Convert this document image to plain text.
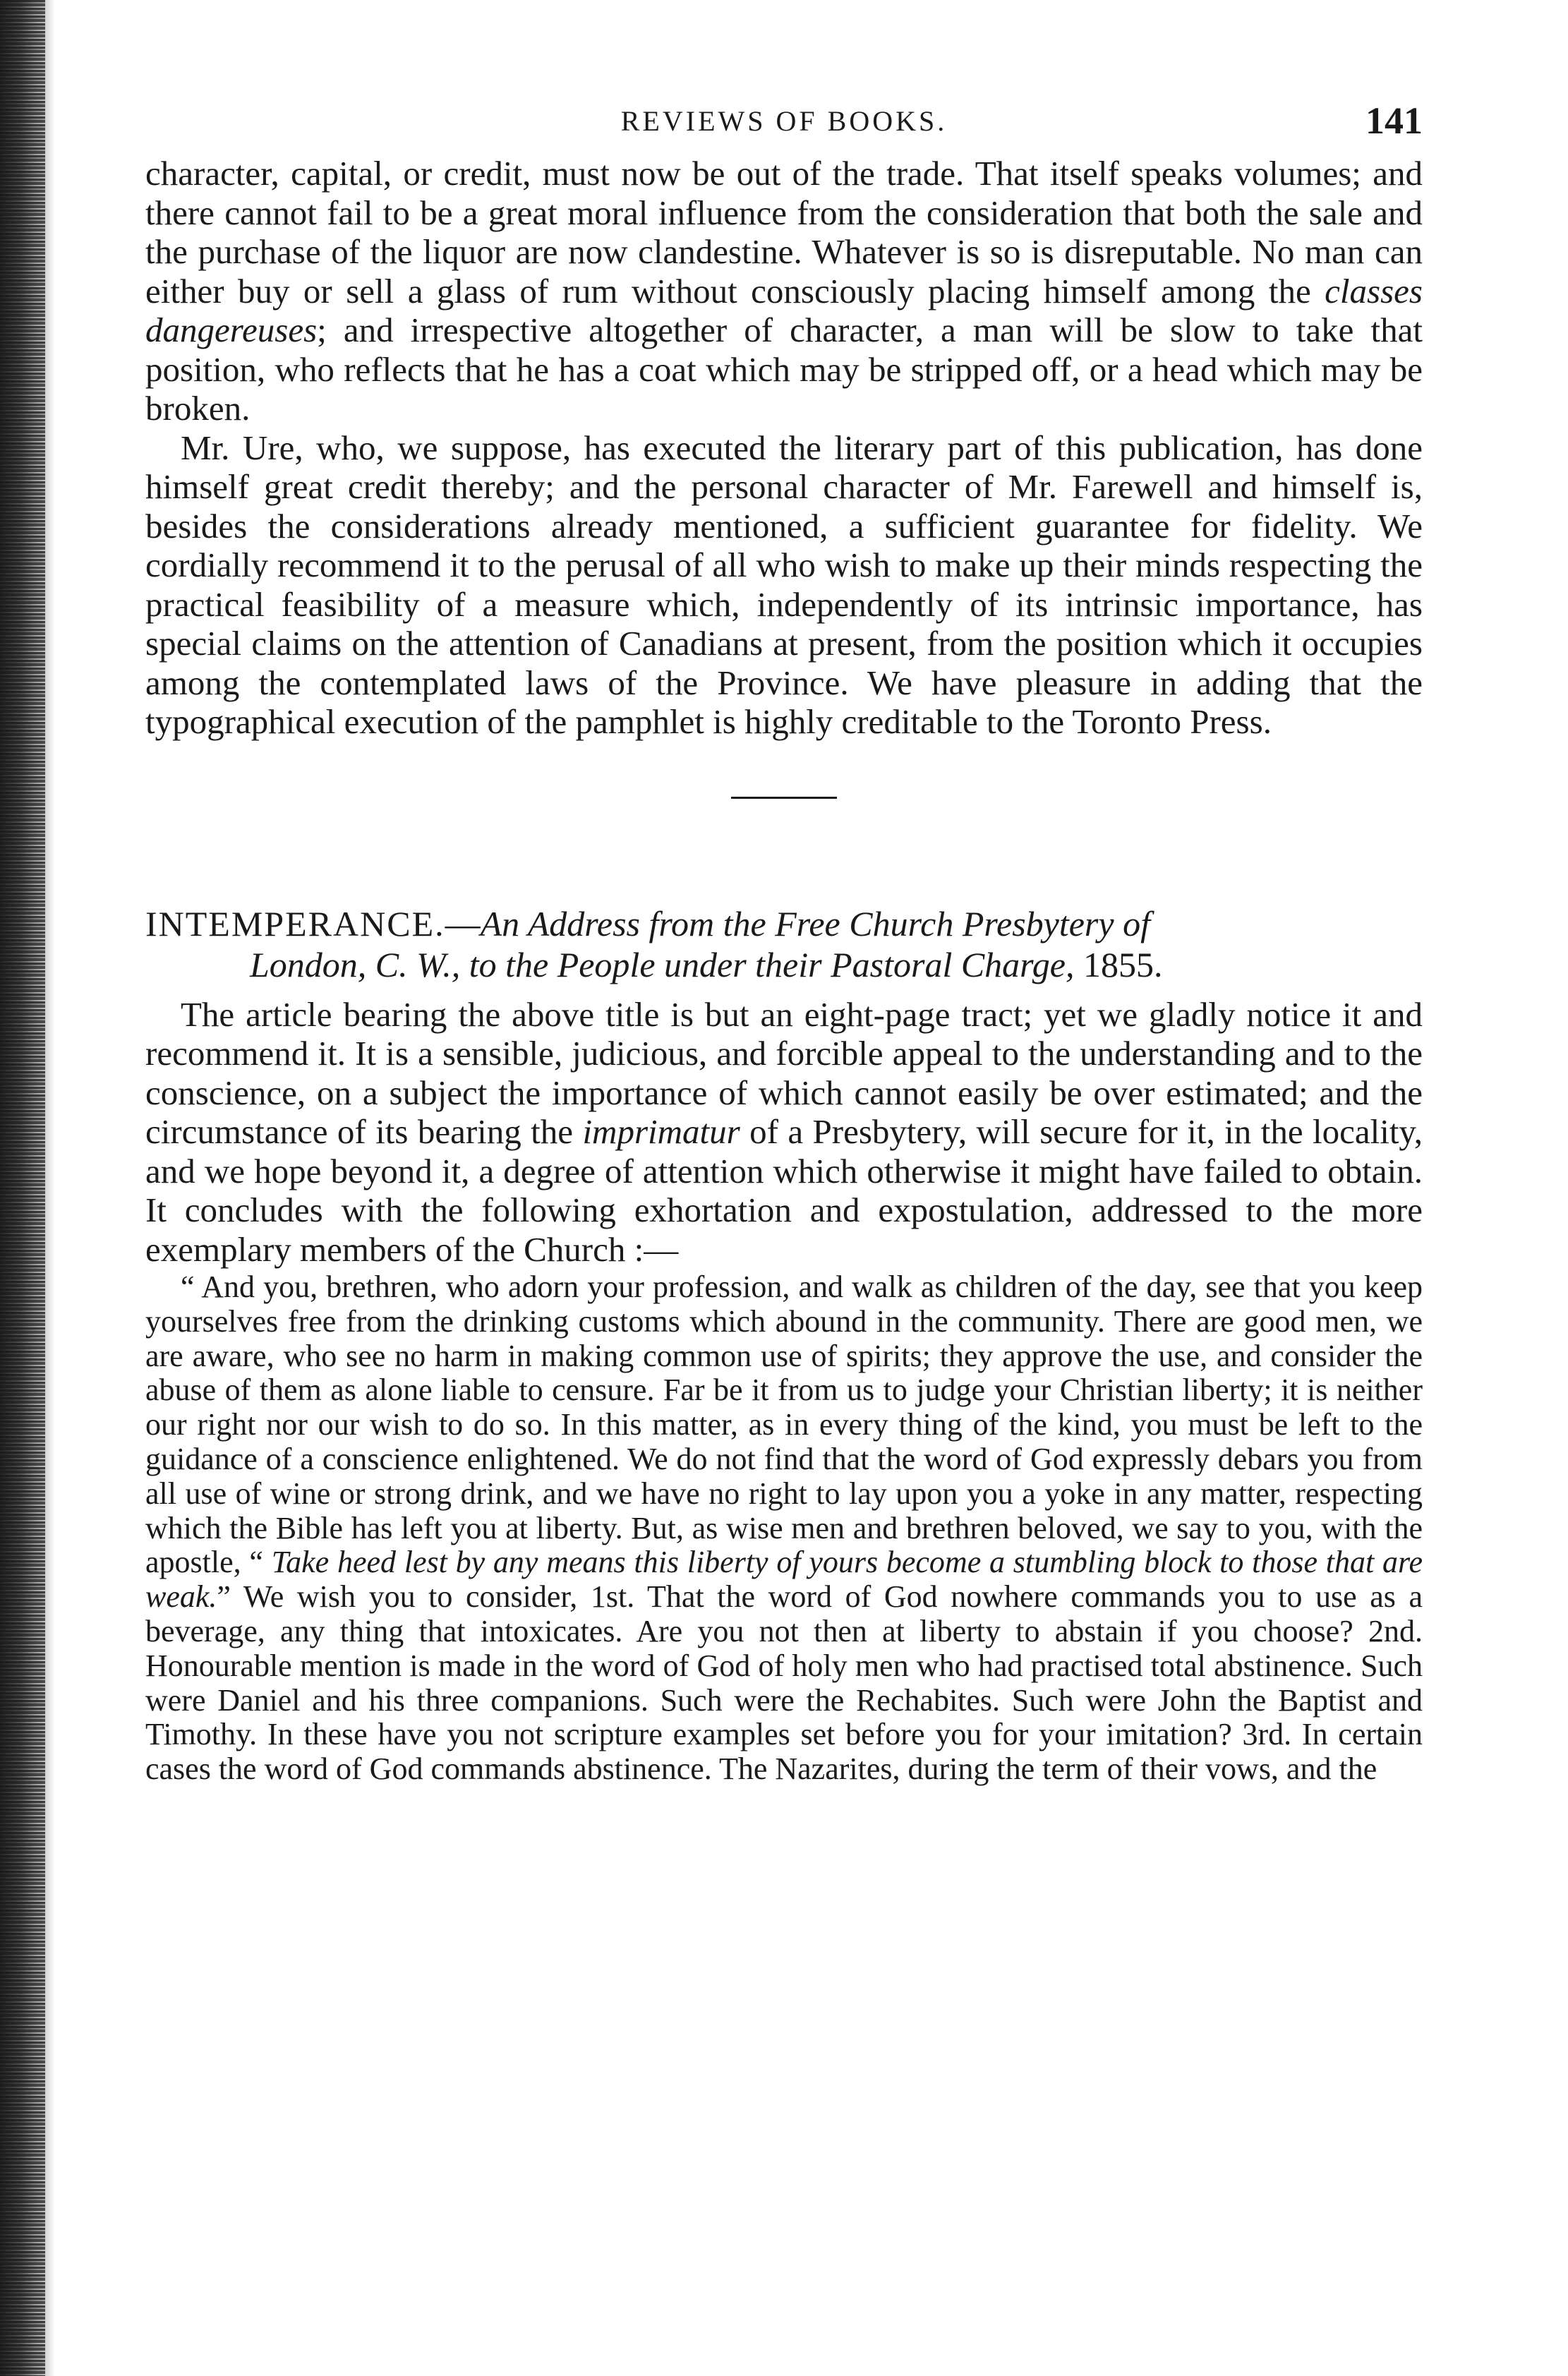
REVIEWS OF BOOKS.	141

character, capital, or credit, must now be out of the trade. That itself speaks volumes; and there cannot fail to be a great moral influence from the consideration that both the sale and the purchase of the liquor are now clandestine. Whatever is so is disreputable. No man can either buy or sell a glass of rum without consciously placing himself among the classes dangereuses; and irrespective altogether of character, a man will be slow to take that position, who reflects that he has a coat which may be stripped off, or a head which may be broken.

Mr. Ure, who, we suppose, has executed the literary part of this publication, has done himself great credit thereby; and the personal character of Mr. Farewell and himself is, besides the considerations already mentioned, a sufficient guarantee for fidelity. We cordially recommend it to the perusal of all who wish to make up their minds respecting the practical feasibility of a measure which, independently of its intrinsic importance, has special claims on the attention of Canadians at present, from the position which it occupies among the contemplated laws of the Province. We have pleasure in adding that the typographical execution of the pamphlet is highly creditable to the Toronto Press.

INTEMPERANCE.—An Address from the Free Church Presbytery of
London, C. W., to the People under their Pastoral Charge, 1855.

The article bearing the above title is but an eight-page tract; yet we gladly notice it and recommend it. It is a sensible, judicious, and forcible appeal to the understanding and to the conscience, on a subject the importance of which cannot easily be over estimated; and the circumstance of its bearing the imprimatur of a Presbytery, will secure for it, in the locality, and we hope beyond it, a degree of attention which otherwise it might have failed to obtain. It concludes with the following exhortation and expostulation, addressed to the more exemplary members of the Church :—

“ And you, brethren, who adorn your profession, and walk as children of the day, see that you keep yourselves free from the drinking customs which abound in the community. There are good men, we are aware, who see no harm in making common use of spirits; they approve the use, and consider the abuse of them as alone liable to censure. Far be it from us to judge your Christian liberty; it is neither our right nor our wish to do so. In this matter, as in every thing of the kind, you must be left to the guidance of a conscience enlightened. We do not find that the word of God expressly debars you from all use of wine or strong drink, and we have no right to lay upon you a yoke in any matter, respecting which the Bible has left you at liberty. But, as wise men and brethren beloved, we say to you, with the apostle, “ Take heed lest by any means this liberty of yours become a stumbling block to those that are weak.” We wish you to consider, 1st. That the word of God nowhere commands you to use as a beverage, any thing that intoxicates. Are you not then at liberty to abstain if you choose? 2nd. Honourable mention is made in the word of God of holy men who had practised total abstinence. Such were Daniel and his three companions. Such were the Rechabites. Such were John the Baptist and Timothy. In these have you not scripture examples set before you for your imitation? 3rd. In certain cases the word of God commands abstinence. The Nazarites, during the term of their vows, and the
